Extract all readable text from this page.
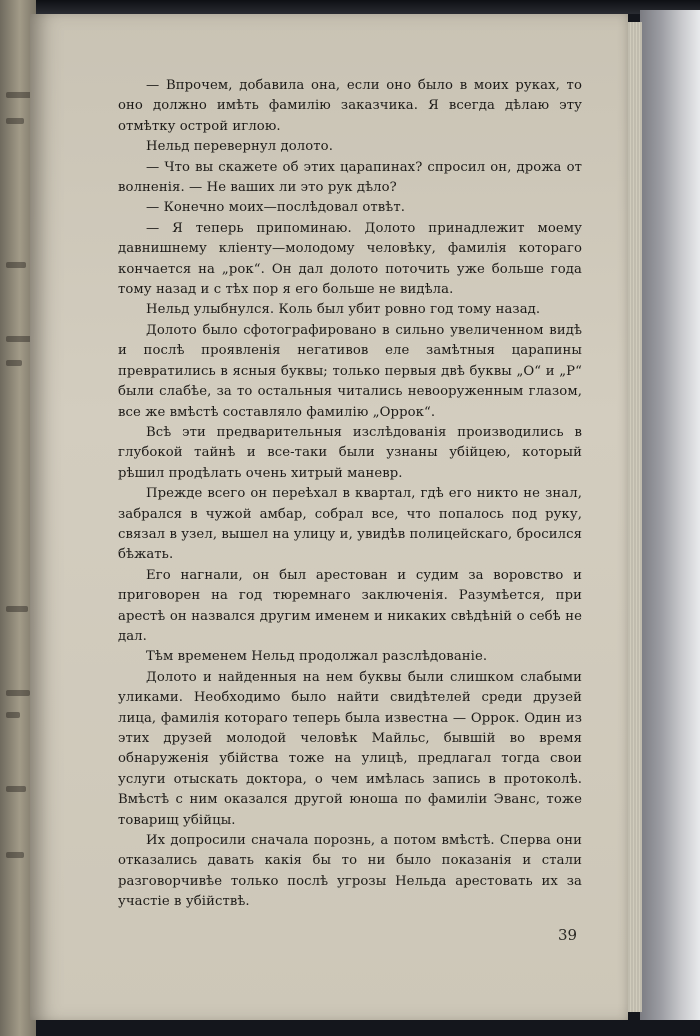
— Впрочем, добавила она, если оно было в моих руках, то оно должно имѣть фамилію заказчика. Я всегда дѣлаю эту отмѣтку острой иглою.

Нельд перевернул долото.

— Что вы скажете об этих царапинах? спросил он, дрожа от волненія. — Не ваших ли это рук дѣло?

— Конечно моих—послѣдовал отвѣт.

— Я теперь припоминаю. Долото принадлежит моему давнишнему кліенту—молодому человѣку, фамилія котораго кончается на „рок“. Он дал долото поточить уже больше года тому назад и с тѣх пор я его больше не видѣла.

Нельд улыбнулся. Коль был убит ровно год тому назад.

Долото было сфотографировано в сильно увеличенном видѣ и послѣ проявленія негативов еле замѣтныя царапины превратились в ясныя буквы; только первыя двѣ буквы „О“ и „Р“ были слабѣе, за то остальныя читались невооруженным глазом, все же вмѣстѣ составляло фамилію „Оррок“.

Всѣ эти предварительныя изслѣдованія производились в глубокой тайнѣ и все-таки были узнаны убійцею, который рѣшил продѣлать очень хитрый маневр.

Прежде всего он переѣхал в квартал, гдѣ его никто не знал, забрался в чужой амбар, собрал все, что попалось под руку, связал в узел, вышел на улицу и, увидѣв полицейскаго, бросился бѣжать.

Его нагнали, он был арестован и судим за воровство и приговорен на год тюремнаго заключенія. Разумѣется, при арестѣ он назвался другим именем и никаких свѣдѣній о себѣ не дал.

Тѣм временем Нельд продолжал разслѣдованіе.

Долото и найденныя на нем буквы были слишком слабыми уликами. Необходимо было найти свидѣтелей среди друзей лица, фамилія котораго теперь была известна — Оррок. Один из этих друзей молодой человѣк Майльс, бывшій во время обнаруженія убійства тоже на улицѣ, предлагал тогда свои услуги отыскать доктора, о чем имѣлась запись в протоколѣ. Вмѣстѣ с ним оказался другой юноша по фамиліи Эванс, тоже товарищ убійцы.

Их допросили сначала порознь, а потом вмѣстѣ. Сперва они отказались давать какія бы то ни было показанія и стали разговорчивѣе только послѣ угрозы Нельда арестовать их за участіе в убійствѣ.

39
